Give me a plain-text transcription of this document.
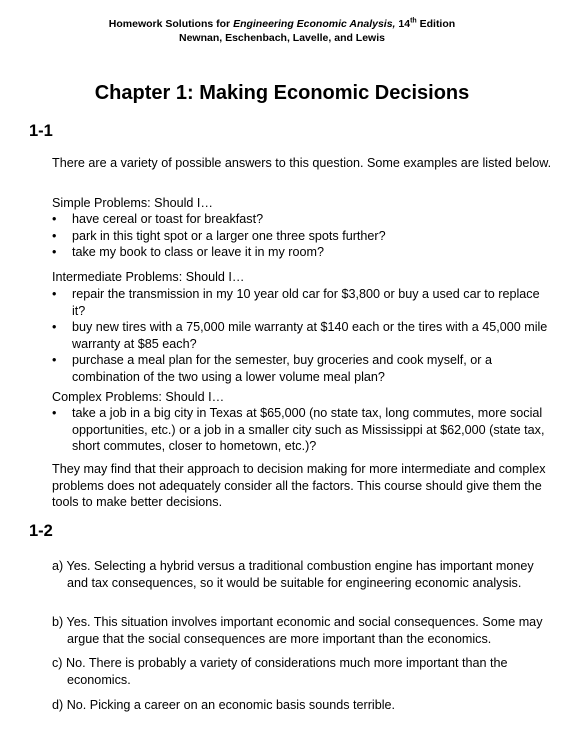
Homework Solutions for Engineering Economic Analysis, 14th Edition
Newnan, Eschenbach, Lavelle, and Lewis
Chapter 1: Making Economic Decisions
1-1
There are a variety of possible answers to this question. Some examples are listed below.
Simple Problems: Should I…
• have cereal or toast for breakfast?
• park in this tight spot or a larger one three spots further?
• take my book to class or leave it in my room?
Intermediate Problems: Should I…
• repair the transmission in my 10 year old car for $3,800 or buy a used car to replace it?
• buy new tires with a 75,000 mile warranty at $140 each or the tires with a 45,000 mile warranty at $85 each?
• purchase a meal plan for the semester, buy groceries and cook myself, or a combination of the two using a lower volume meal plan?
Complex Problems: Should I…
• take a job in a big city in Texas at $65,000 (no state tax, long commutes, more social opportunities, etc.) or a job in a smaller city such as Mississippi at $62,000 (state tax, short commutes, closer to hometown, etc.)?
They may find that their approach to decision making for more intermediate and complex problems does not adequately consider all the factors. This course should give them the tools to make better decisions.
1-2
a) Yes. Selecting a hybrid versus a traditional combustion engine has important money and tax consequences, so it would be suitable for engineering economic analysis.
b) Yes. This situation involves important economic and social consequences. Some may argue that the social consequences are more important than the economics.
c) No. There is probably a variety of considerations much more important than the economics.
d) No. Picking a career on an economic basis sounds terrible.
